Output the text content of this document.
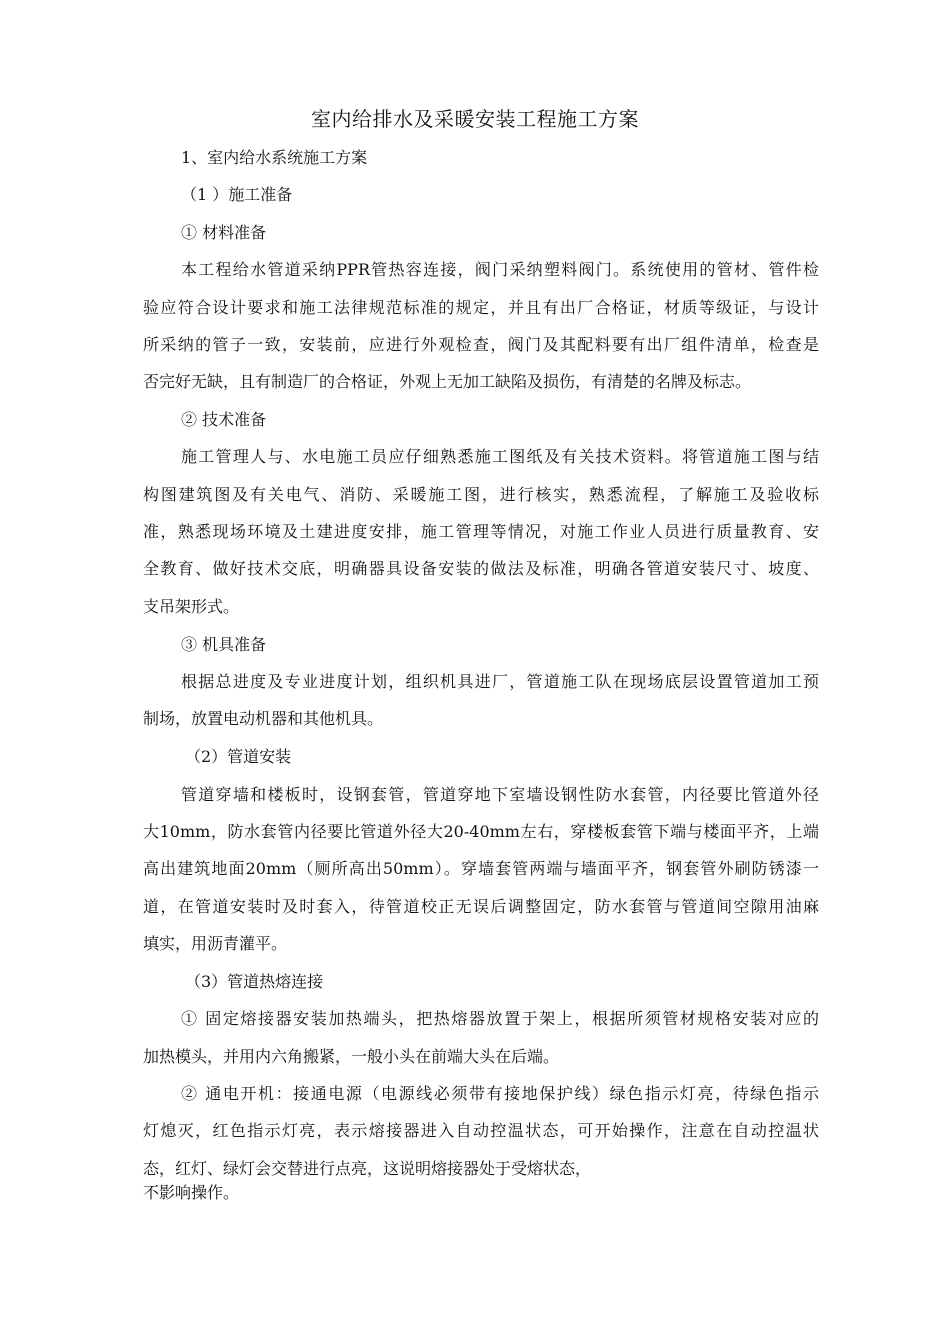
室内给排水及采暖安装工程施工方案
1、室内给水系统施工方案
（1 ）施工准备
① 材料准备
本工程给水管道采纳PPR管热容连接，阀门采纳塑料阀门。系统使用的管材、管件检
验应符合设计要求和施工法律规范标准的规定，并且有出厂合格证，材质等级证，与设计
所采纳的管子一致，安装前，应进行外观检查，阀门及其配料要有出厂组件清单，检查是
否完好无缺，且有制造厂的合格证，外观上无加工缺陷及损伤，有清楚的名牌及标志。
② 技术准备
施工管理人与、水电施工员应仔细熟悉施工图纸及有关技术资料。将管道施工图与结
构图建筑图及有关电气、消防、采暖施工图，进行核实，熟悉流程，了解施工及验收标
准，熟悉现场环境及土建进度安排，施工管理等情况，对施工作业人员进行质量教育、安
全教育、做好技术交底，明确器具设备安装的做法及标准，明确各管道安装尺寸、坡度、
支吊架形式。
③ 机具准备
根据总进度及专业进度计划，组织机具进厂，管道施工队在现场底层设置管道加工预
制场，放置电动机器和其他机具。
（2）管道安装
管道穿墙和楼板时，设钢套管，管道穿地下室墙设钢性防水套管，内径要比管道外径
大10mm，防水套管内径要比管道外径大20-40mm左右，穿楼板套管下端与楼面平齐，上端
高出建筑地面20mm（厕所高出50mm）。穿墙套管两端与墙面平齐，钢套管外刷防锈漆一
道，在管道安装时及时套入，待管道校正无误后调整固定，防水套管与管道间空隙用油麻
填实，用沥青灌平。
（3）管道热熔连接
① 固定熔接器安装加热端头，把热熔器放置于架上，根据所须管材规格安装对应的
加热模头，并用内六角搬紧，一般小头在前端大头在后端。
② 通电开机：接通电源（电源线必须带有接地保护线）绿色指示灯亮，待绿色指示
灯熄灭，红色指示灯亮，表示熔接器进入自动控温状态，可开始操作，注意在自动控温状
态，红灯、绿灯会交替进行点亮，这说明熔接器处于受熔状态，
不影响操作。
